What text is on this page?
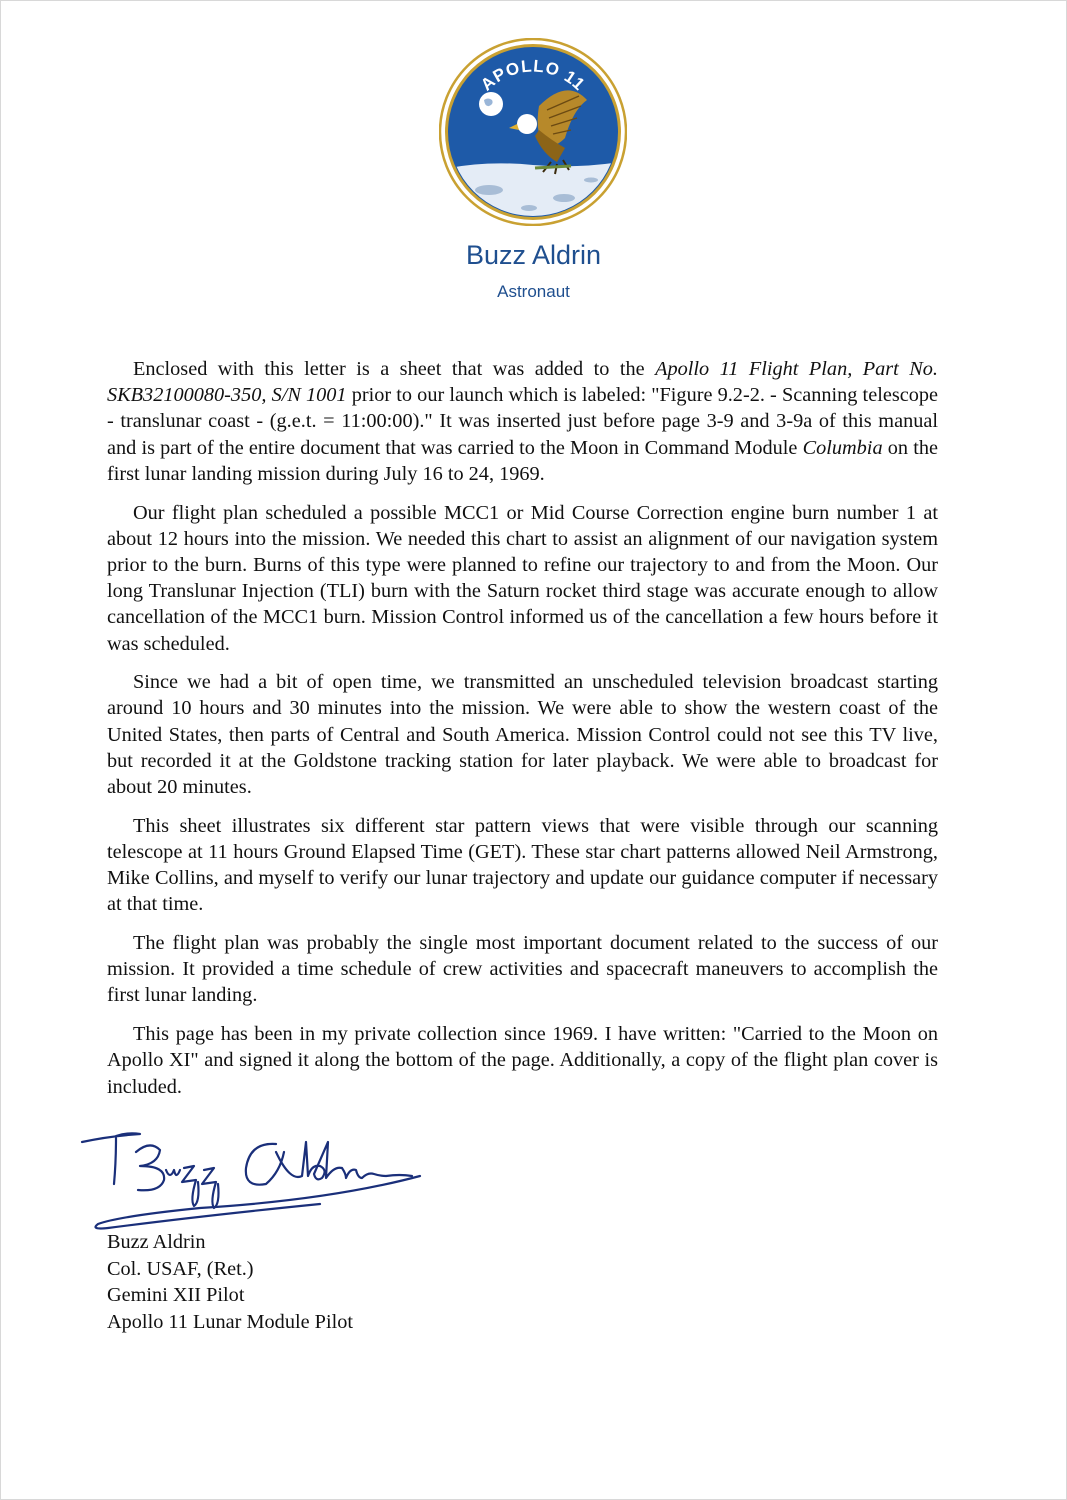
APOLLO 11
Buzz Aldrin
Astronaut

Enclosed with this letter is a sheet that was added to the Apollo 11 Flight Plan, Part No. SKB32100080-350, S/N 1001 prior to our launch which is labeled: "Figure 9.2-2. - Scanning telescope - translunar coast - (g.e.t. = 11:00:00)." It was inserted just before page 3-9 and 3-9a of this manual and is part of the entire document that was carried to the Moon in Command Module Columbia on the first lunar landing mission during July 16 to 24, 1969.

Our flight plan scheduled a possible MCC1 or Mid Course Correction engine burn number 1 at about 12 hours into the mission. We needed this chart to assist an alignment of our navigation system prior to the burn. Burns of this type were planned to refine our trajectory to and from the Moon. Our long Translunar Injection (TLI) burn with the Saturn rocket third stage was accurate enough to allow cancellation of the MCC1 burn. Mission Control informed us of the cancellation a few hours before it was scheduled.

Since we had a bit of open time, we transmitted an unscheduled television broadcast starting around 10 hours and 30 minutes into the mission. We were able to show the western coast of the United States, then parts of Central and South America. Mission Control could not see this TV live, but recorded it at the Goldstone tracking station for later playback. We were able to broadcast for about 20 minutes.

This sheet illustrates six different star pattern views that were visible through our scanning telescope at 11 hours Ground Elapsed Time (GET). These star chart patterns allowed Neil Armstrong, Mike Collins, and myself to verify our lunar trajectory and update our guidance computer if necessary at that time.

The flight plan was probably the single most important document related to the success of our mission. It provided a time schedule of crew activities and spacecraft maneuvers to accomplish the first lunar landing.

This page has been in my private collection since 1969. I have written: "Carried to the Moon on Apollo XI" and signed it along the bottom of the page. Additionally, a copy of the flight plan cover is included.

Buzz Aldrin
Col. USAF, (Ret.)
Gemini XII Pilot
Apollo 11 Lunar Module Pilot
